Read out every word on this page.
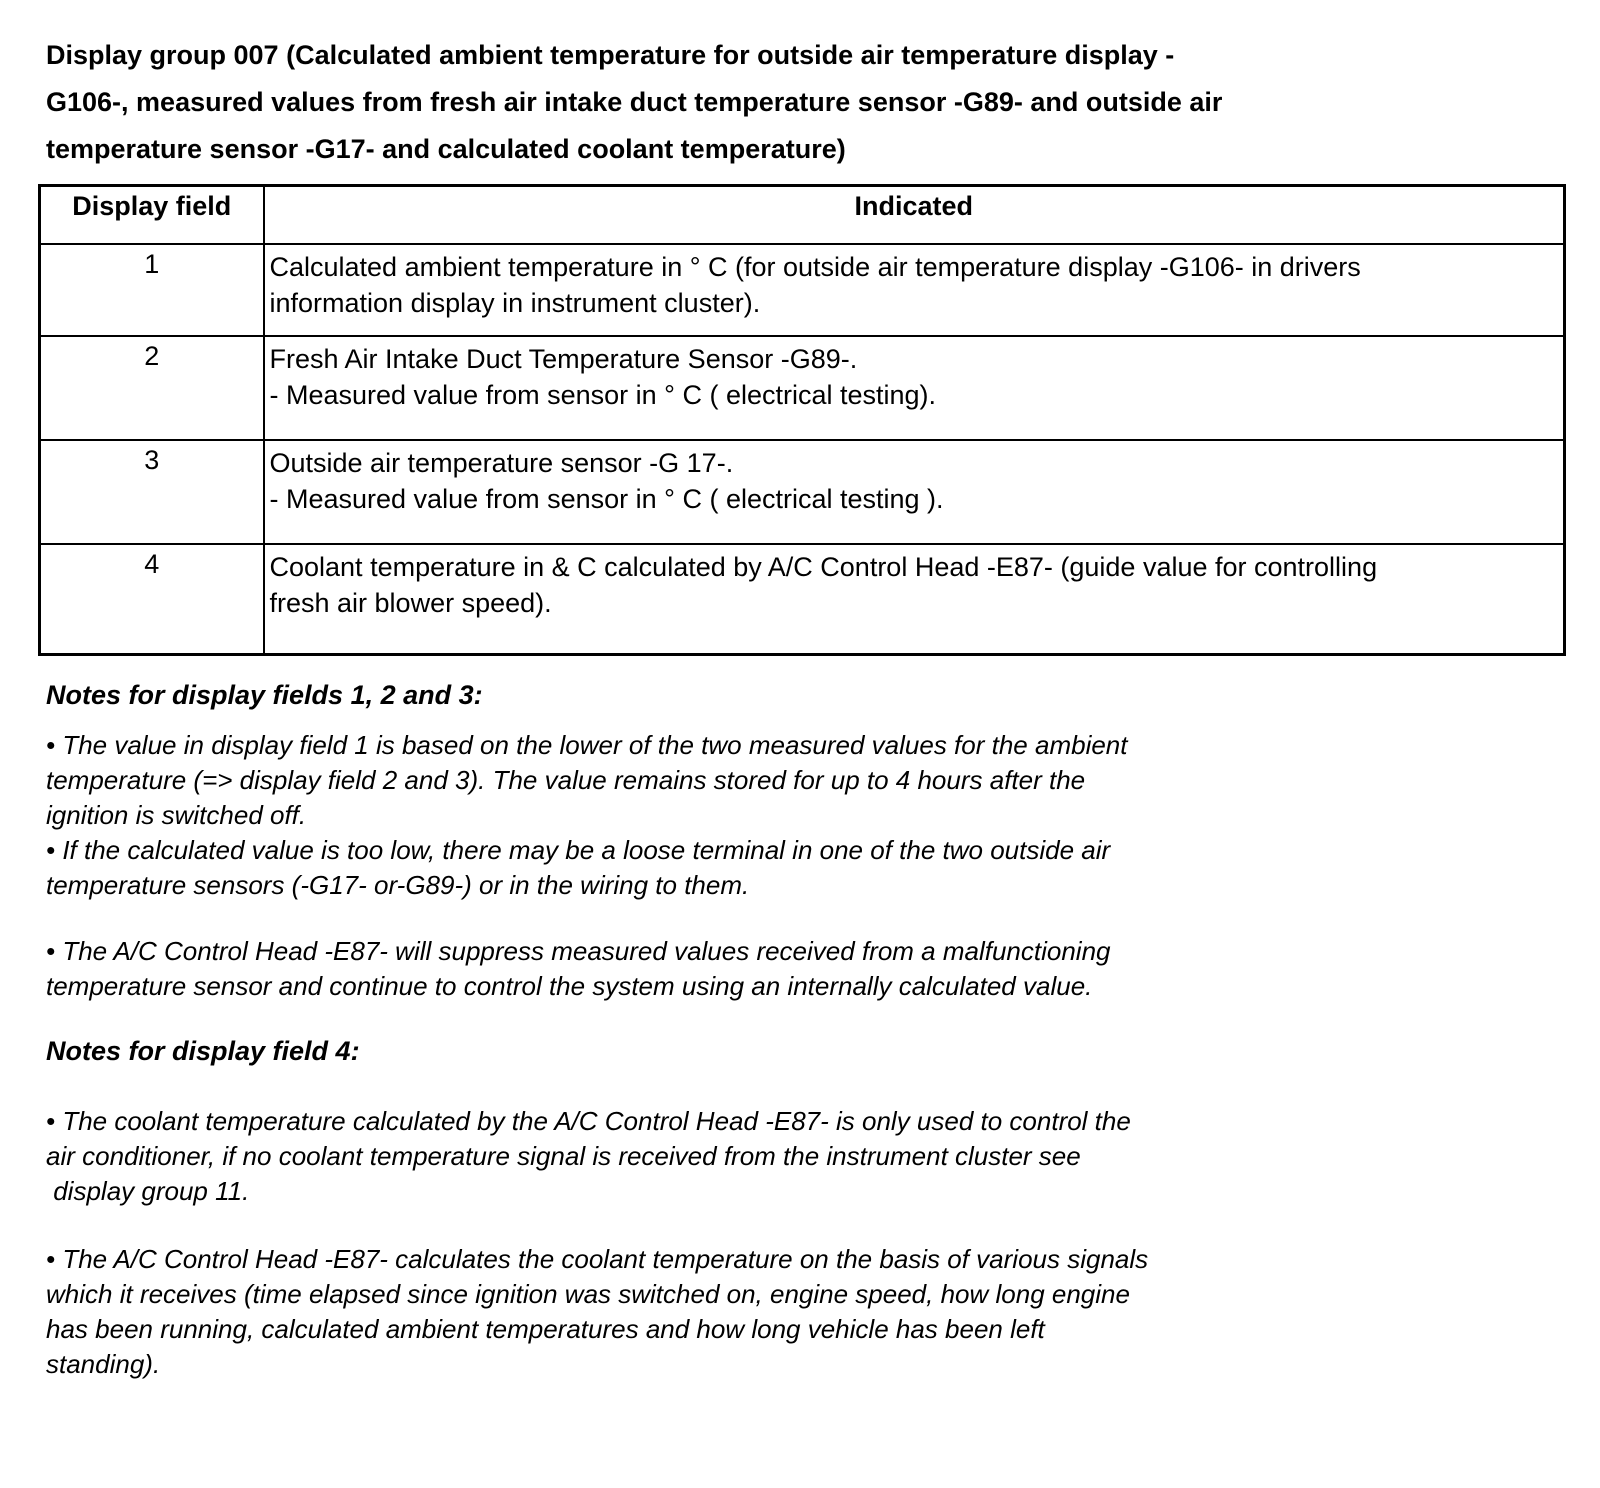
Display group 007 (Calculated ambient temperature for outside air temperature display -
G106-, measured values from fresh air intake duct temperature sensor -G89- and outside air
temperature sensor -G17- and calculated coolant temperature)
Display field	Indicated
1	Calculated ambient temperature in ° C (for outside air temperature display -G106- in drivers
information display in instrument cluster).

2	Fresh Air Intake Duct Temperature Sensor -G89-.
- Measured value from sensor in ° C ( electrical testing).

3	Outside air temperature sensor -G 17-.
- Measured value from sensor in ° C ( electrical testing ).

4	Coolant temperature in & C calculated by A/C Control Head -E87- (guide value for controlling
fresh air blower speed).
Notes for display fields 1, 2 and 3:
• The value in display field 1 is based on the lower of the two measured values for the ambient
temperature (=> display field 2 and 3). The value remains stored for up to 4 hours after the
ignition is switched off.
• If the calculated value is too low, there may be a loose terminal in one of the two outside air
temperature sensors (-G17- or-G89-) or in the wiring to them.
• The A/C Control Head -E87- will suppress measured values received from a malfunctioning
temperature sensor and continue to control the system using an internally calculated value.
Notes for display field 4:
• The coolant temperature calculated by the A/C Control Head -E87- is only used to control the
air conditioner, if no coolant temperature signal is received from the instrument cluster see
display group 11.
• The A/C Control Head -E87- calculates the coolant temperature on the basis of various signals
which it receives (time elapsed since ignition was switched on, engine speed, how long engine
has been running, calculated ambient temperatures and how long vehicle has been left
standing).
